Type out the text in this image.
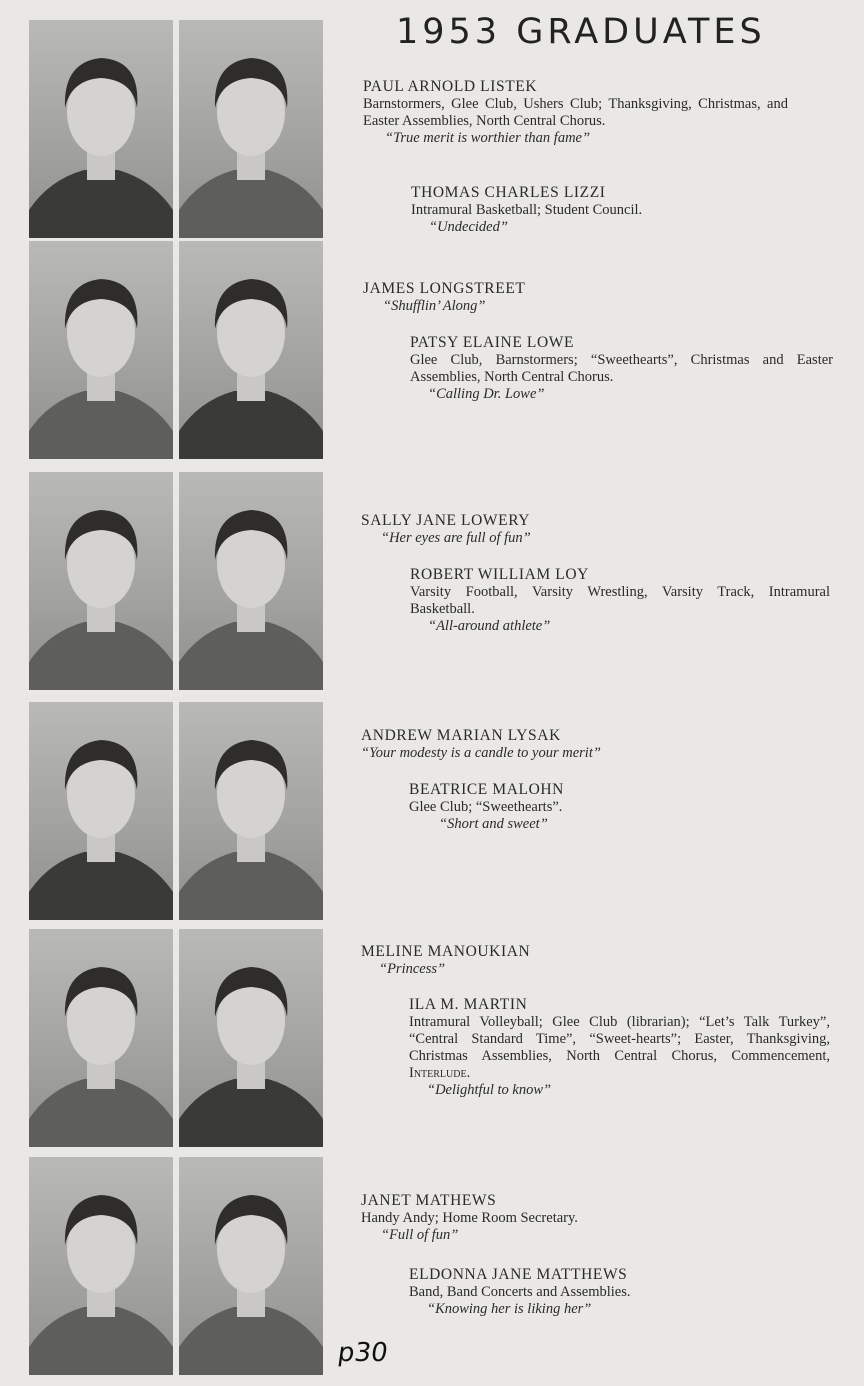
1953 GRADUATES
PAUL ARNOLD LISTEK
Barnstormers, Glee Club, Ushers Club; Thanksgiving, Christmas, and Easter Assemblies, North Central Chorus.
“True merit is worthier than fame”
THOMAS CHARLES LIZZI
Intramural Basketball; Student Council.
“Undecided”
JAMES LONGSTREET
“Shufflin’ Along”
PATSY ELAINE LOWE
Glee Club, Barnstormers; “Sweethearts”, Christmas and Easter Assemblies, North Central Chorus.
“Calling Dr. Lowe”
SALLY JANE LOWERY
“Her eyes are full of fun”
ROBERT WILLIAM LOY
Varsity Football, Varsity Wrestling, Varsity Track, Intramural Basketball.
“All-around athlete”
ANDREW MARIAN LYSAK
“Your modesty is a candle to your merit”
BEATRICE MALOHN
Glee Club; “Sweethearts”.
“Short and sweet”
MELINE MANOUKIAN
“Princess”
ILA M. MARTIN
Intramural Volleyball; Glee Club (librarian); “Let’s Talk Turkey”, “Central Standard Time”, “Sweet-hearts”; Easter, Thanksgiving, Christmas Assemblies, North Central Chorus, Commencement, Interlude.
“Delightful to know”
JANET MATHEWS
Handy Andy; Home Room Secretary.
“Full of fun”
ELDONNA JANE MATTHEWS
Band, Band Concerts and Assemblies.
“Knowing her is liking her”
p30
